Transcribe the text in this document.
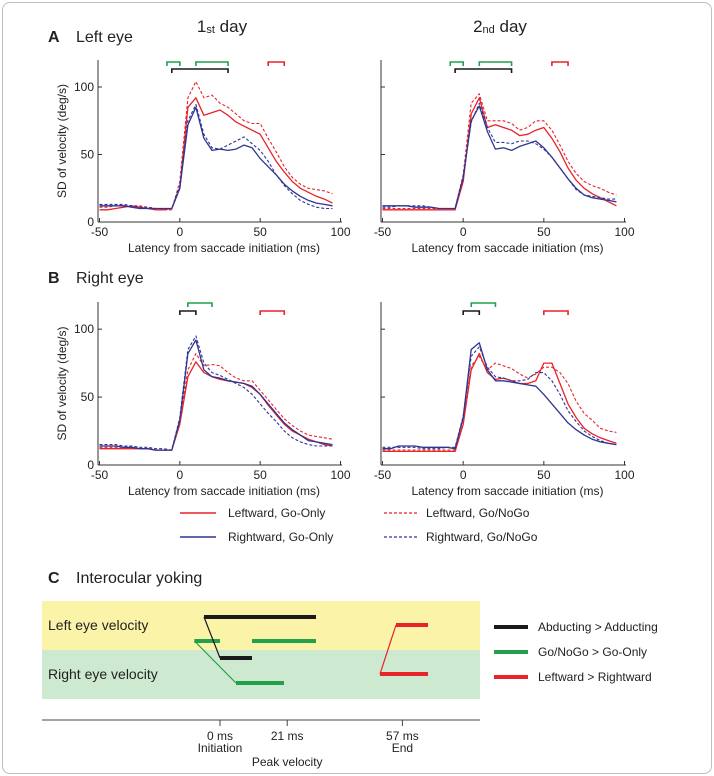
1st day	2nd day
A Left eye
B Right eye
-50	0	50	100
0
50
100
Latency from saccade initiation (ms)
SD of velocity (deg/s)
-50	0	50	100
Latency from saccade initiation (ms)
-50	0	50	100
0
50
100
Latency from saccade initiation (ms)
SD of velocity (deg/s)
-50	0	50	100
Latency from saccade initiation (ms)
Leftward, Go-Only	Leftward, Go/NoGo
Rightward, Go-Only	Rightward, Go/NoGo
C Interocular yoking
Left eye velocity
Right eye velocity
0 ms
Initiation
21 ms
Peak velocity
57 ms
End
Abducting > Adducting
Go/NoGo > Go-Only
Leftward > Rightward
